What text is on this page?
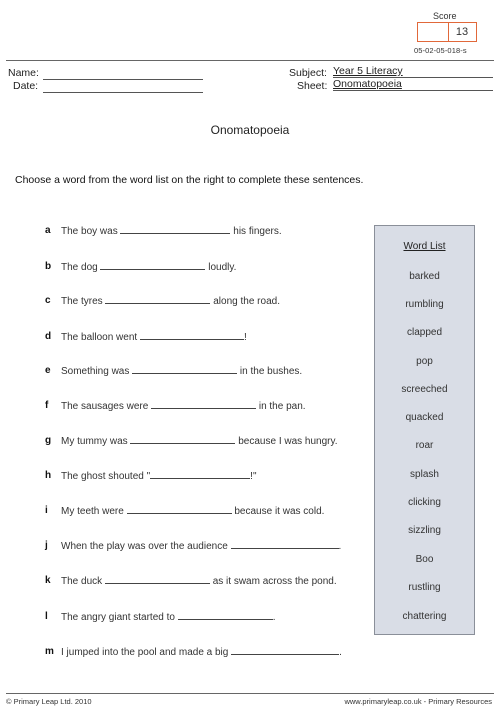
Score
13
05-02-05-018-s
Name:
Date:
Subject: Year 5 Literacy
Sheet: Onomatopoeia
Onomatopoeia
Choose a word from the word list on the right to complete these sentences.
a The boy was	his fingers.
b The dog	loudly.
c The tyres	along the road.
d The balloon went	!
e Something was	in the bushes.
f The sausages were	in the pan.
g My tummy was	because I was hungry.
h The ghost shouted "	!"
i My teeth were	because it was cold.
j When the play was over the audience	.
k The duck	as it swam across the pond.
l The angry giant started to	.
m I jumped into the pool and made a big	.
Word List
barked
rumbling
clapped
pop
screeched
quacked
roar
splash
clicking
sizzling
Boo
rustling
chattering
© Primary Leap Ltd. 2010	www.primaryleap.co.uk - Primary Resources
